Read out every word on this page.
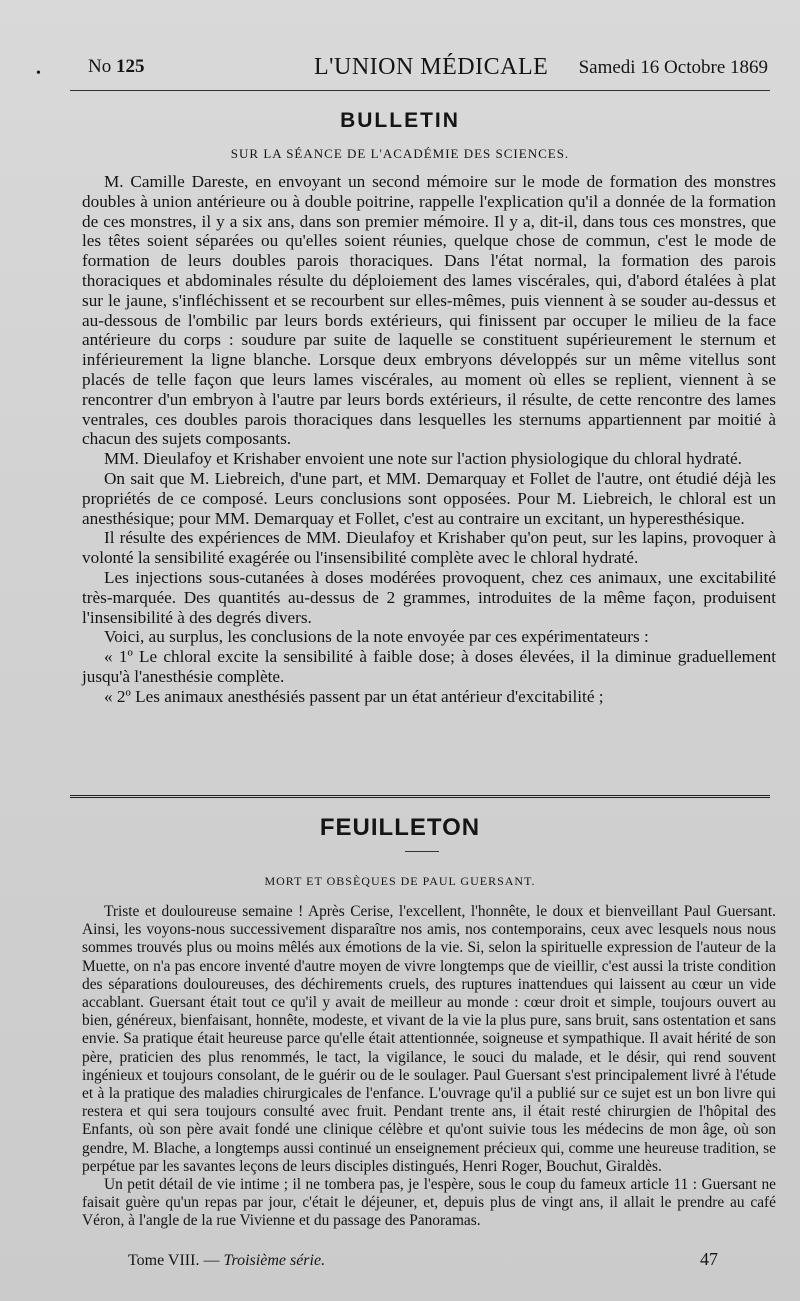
• No 125	L'UNION MÉDICALE Samedi 16 Octobre 1869
BULLETIN
SUR LA SÉANCE DE L'ACADÉMIE DES SCIENCES.

M. Camille Dareste, en envoyant un second mémoire sur le mode de formation des monstres doubles à union antérieure ou à double poitrine, rappelle l'explication qu'il a donnée de la formation de ces monstres, il y a six ans, dans son premier mémoire. Il y a, dit-il, dans tous ces monstres, que les têtes soient séparées ou qu'elles soient réunies, quelque chose de commun, c'est le mode de formation de leurs doubles parois thoraciques. Dans l'état normal, la formation des parois thoraciques et abdominales résulte du déploiement des lames viscérales, qui, d'abord étalées à plat sur le jaune, s'infléchissent et se recourbent sur elles-mêmes, puis viennent à se souder au-dessus et au-dessous de l'ombilic par leurs bords extérieurs, qui finissent par occuper le milieu de la face antérieure du corps : soudure par suite de laquelle se constituent supérieurement le sternum et inférieurement la ligne blanche. Lorsque deux embryons développés sur un même vitellus sont placés de telle façon que leurs lames viscérales, au moment où elles se replient, viennent à se rencontrer d'un embryon à l'autre par leurs bords extérieurs, il résulte, de cette rencontre des lames ventrales, ces doubles parois thoraciques dans lesquelles les sternums appartiennent par moitié à chacun des sujets composants.

MM. Dieulafoy et Krishaber envoient une note sur l'action physiologique du chloral hydraté.

On sait que M. Liebreich, d'une part, et MM. Demarquay et Follet de l'autre, ont étudié déjà les propriétés de ce composé. Leurs conclusions sont opposées. Pour M. Liebreich, le chloral est un anesthésique; pour MM. Demarquay et Follet, c'est au contraire un excitant, un hyperesthésique.

Il résulte des expériences de MM. Dieulafoy et Krishaber qu'on peut, sur les lapins, provoquer à volonté la sensibilité exagérée ou l'insensibilité complète avec le chloral hydraté.

Les injections sous-cutanées à doses modérées provoquent, chez ces animaux, une excitabilité très-marquée. Des quantités au-dessus de 2 grammes, introduites de la même façon, produisent l'insensibilité à des degrés divers.

Voici, au surplus, les conclusions de la note envoyée par ces expérimentateurs :

« 1º Le chloral excite la sensibilité à faible dose; à doses élevées, il la diminue graduellement jusqu'à l'anesthésie complète.

« 2º Les animaux anesthésiés passent par un état antérieur d'excitabilité ;

FEUILLETON
MORT ET OBSÈQUES DE PAUL GUERSANT.

Triste et douloureuse semaine ! Après Cerise, l'excellent, l'honnête, le doux et bienveillant Paul Guersant. Ainsi, les voyons-nous successivement disparaître nos amis, nos contemporains, ceux avec lesquels nous nous sommes trouvés plus ou moins mêlés aux émotions de la vie. Si, selon la spirituelle expression de l'auteur de la Muette, on n'a pas encore inventé d'autre moyen de vivre longtemps que de vieillir, c'est aussi la triste condition des séparations douloureuses, des déchirements cruels, des ruptures inattendues qui laissent au cœur un vide accablant. Guersant était tout ce qu'il y avait de meilleur au monde : cœur droit et simple, toujours ouvert au bien, généreux, bienfaisant, honnête, modeste, et vivant de la vie la plus pure, sans bruit, sans ostentation et sans envie. Sa pratique était heureuse parce qu'elle était attentionnée, soigneuse et sympathique. Il avait hérité de son père, praticien des plus renommés, le tact, la vigilance, le souci du malade, et le désir, qui rend souvent ingénieux et toujours consolant, de le guérir ou de le soulager. Paul Guersant s'est principalement livré à l'étude et à la pratique des maladies chirurgicales de l'enfance. L'ouvrage qu'il a publié sur ce sujet est un bon livre qui restera et qui sera toujours consulté avec fruit. Pendant trente ans, il était resté chirurgien de l'hôpital des Enfants, où son père avait fondé une clinique célèbre et qu'ont suivie tous les médecins de mon âge, où son gendre, M. Blache, a longtemps aussi continué un enseignement précieux qui, comme une heureuse tradition, se perpétue par les savantes leçons de leurs disciples distingués, Henri Roger, Bouchut, Giraldès.

Un petit détail de vie intime ; il ne tombera pas, je l'espère, sous le coup du fameux article 11 : Guersant ne faisait guère qu'un repas par jour, c'était le déjeuner, et, depuis plus de vingt ans, il allait le prendre au café Véron, à l'angle de la rue Vivienne et du passage des Panoramas.

Tome VIII. — Troisième série.	47
